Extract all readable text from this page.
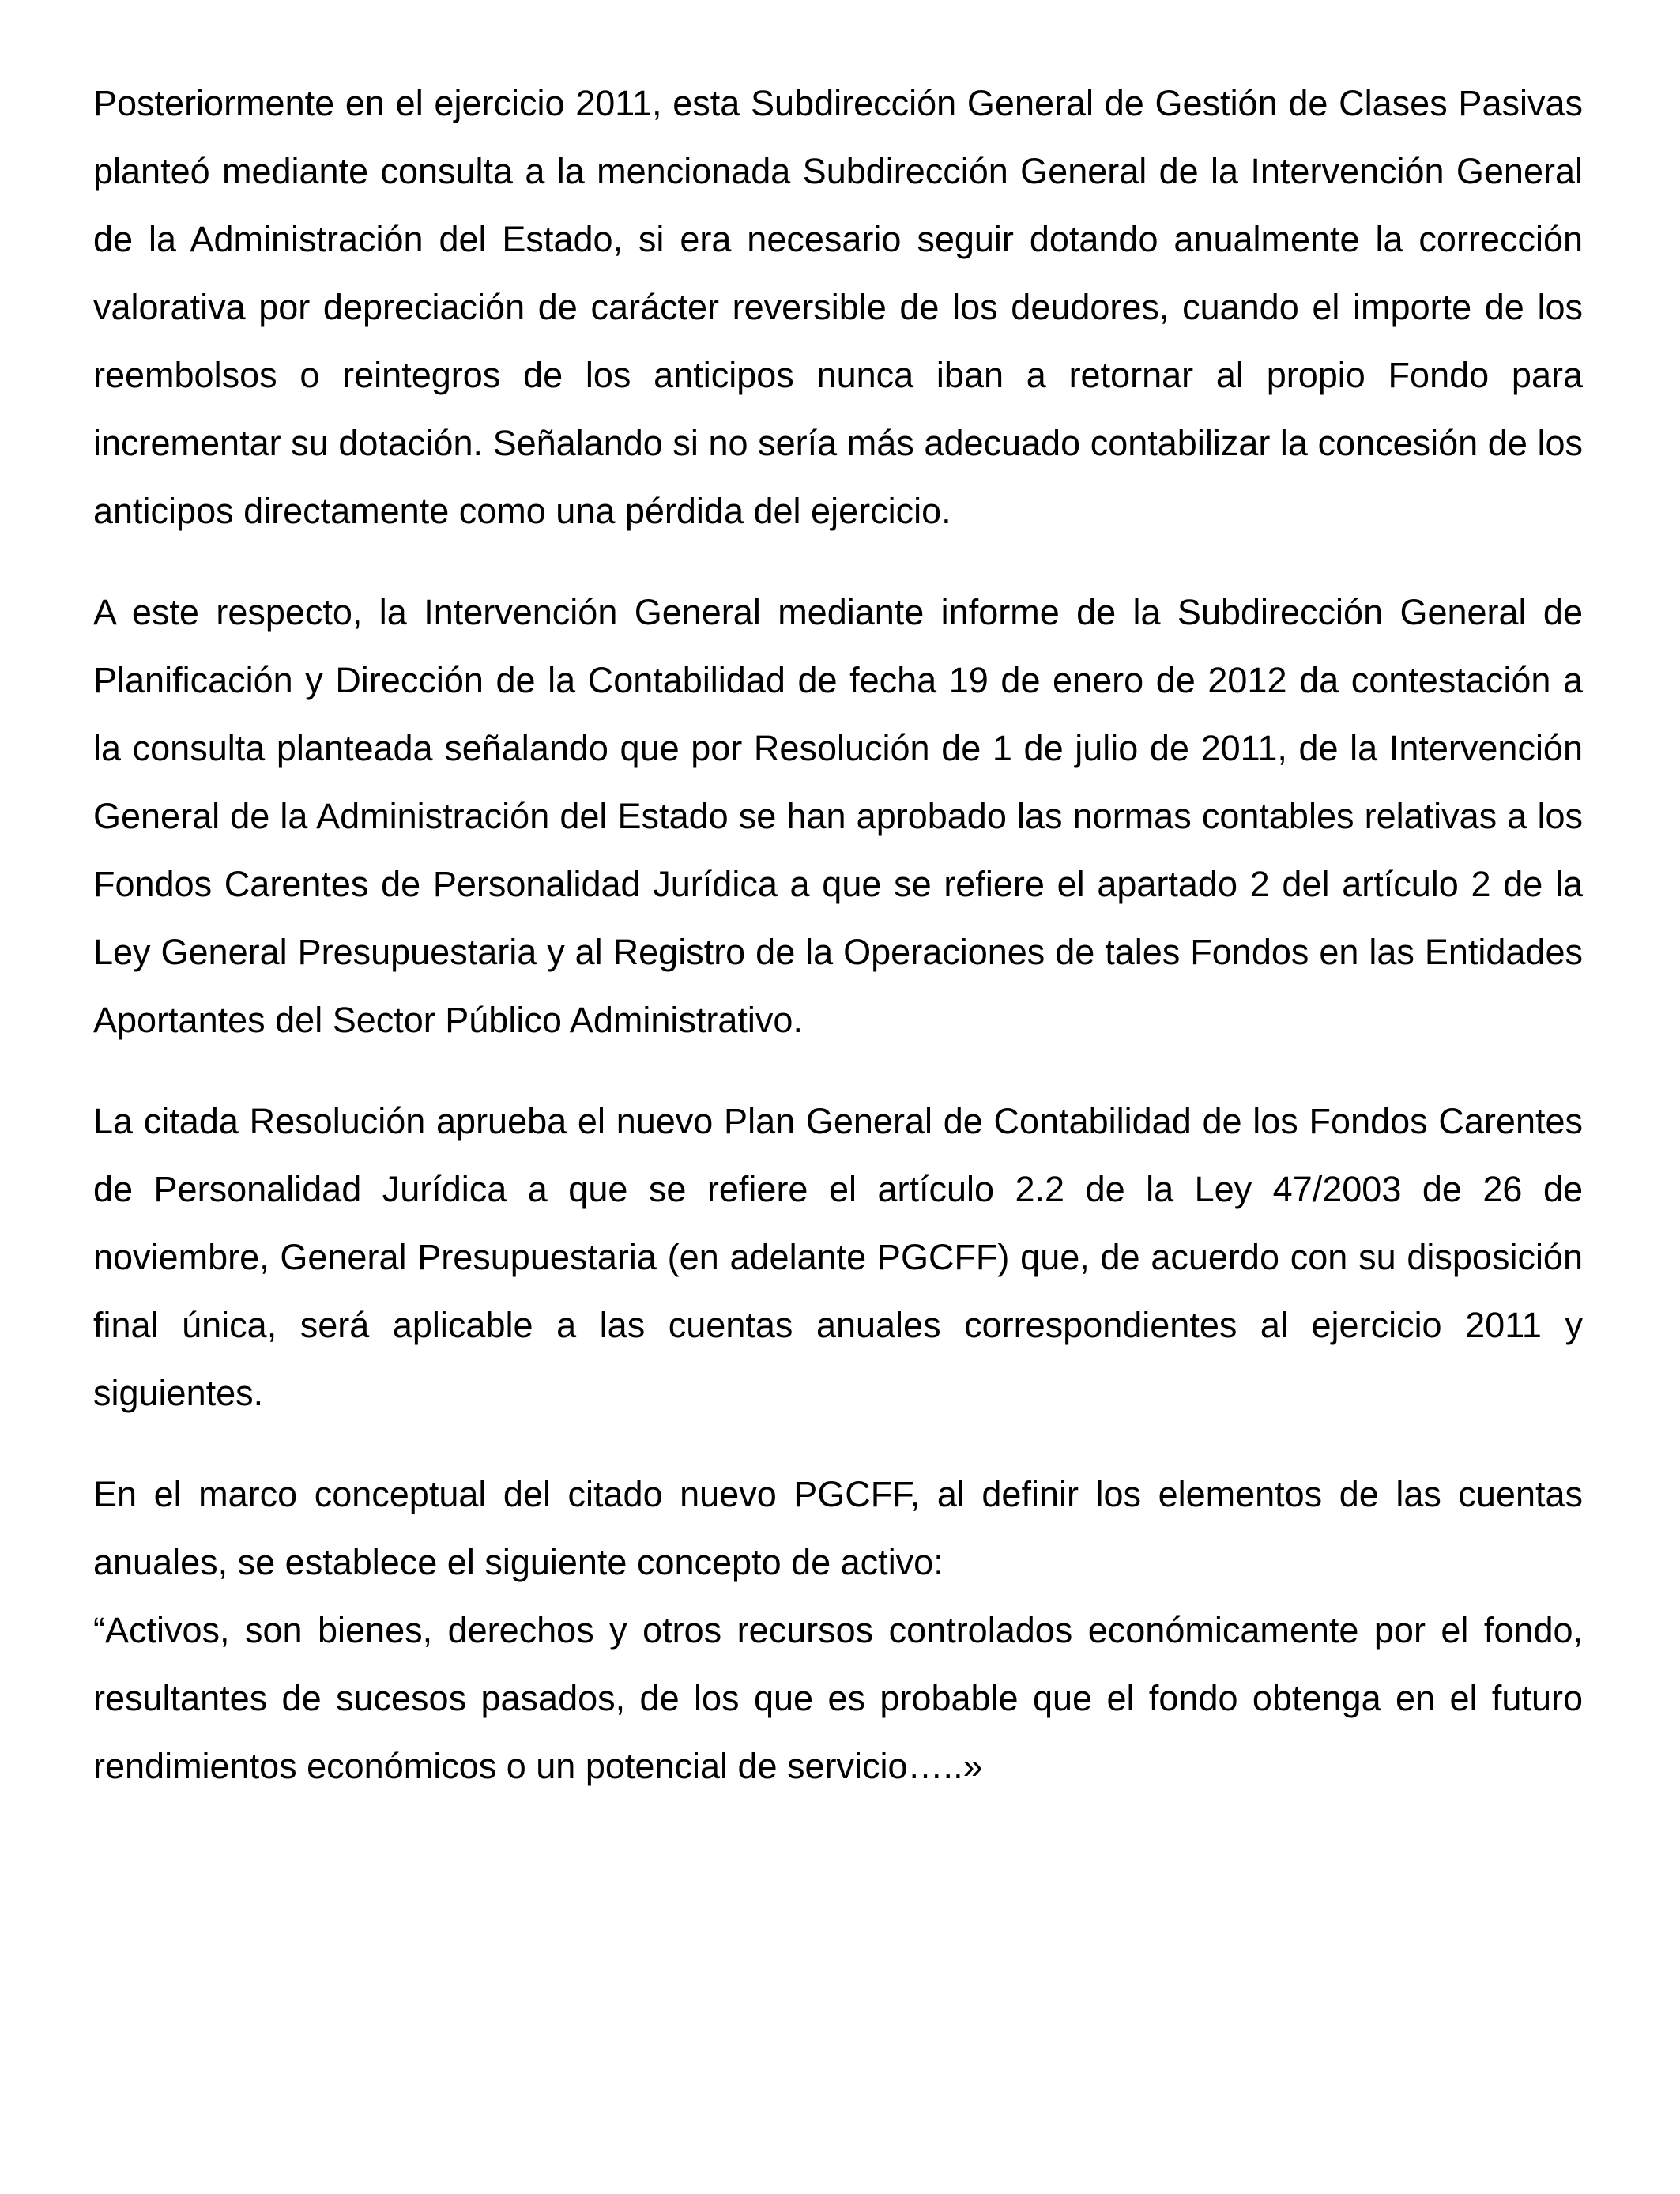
Posteriormente en el ejercicio 2011, esta Subdirección General de Gestión de Clases Pasivas planteó mediante consulta a la mencionada Subdirección General de la Intervención General de la Administración del Estado, si era necesario seguir dotando anualmente la corrección valorativa por depreciación de carácter reversible de los deudores, cuando el importe de los reembolsos o reintegros de los anticipos nunca iban a retornar al propio Fondo para incrementar su dotación. Señalando si no sería más adecuado contabilizar la concesión de los anticipos directamente como una pérdida del ejercicio.

A este respecto, la Intervención General mediante informe de la Subdirección General de Planificación y Dirección de la Contabilidad de fecha 19 de enero de 2012 da contestación a la consulta planteada señalando que por Resolución de 1 de julio de 2011, de la Intervención General de la Administración del Estado se han aprobado las normas contables relativas a los Fondos Carentes de Personalidad Jurídica a que se refiere el apartado 2 del artículo 2 de la Ley General Presupuestaria y al Registro de la Operaciones de tales Fondos en las Entidades Aportantes del Sector Público Administrativo.

La citada Resolución aprueba el nuevo Plan General de Contabilidad de los Fondos Carentes de Personalidad Jurídica a que se refiere el artículo 2.2 de la Ley 47/2003 de 26 de noviembre, General Presupuestaria (en adelante PGCFF) que, de acuerdo con su disposición final única, será aplicable a las cuentas anuales correspondientes al ejercicio 2011 y siguientes.

En el marco conceptual del citado nuevo PGCFF, al definir los elementos de las cuentas anuales, se establece el siguiente concepto de activo:

“Activos, son bienes, derechos y otros recursos controlados económicamente por el fondo, resultantes de sucesos pasados, de los que es probable que el fondo obtenga en el futuro rendimientos económicos o un potencial de servicio…..»
